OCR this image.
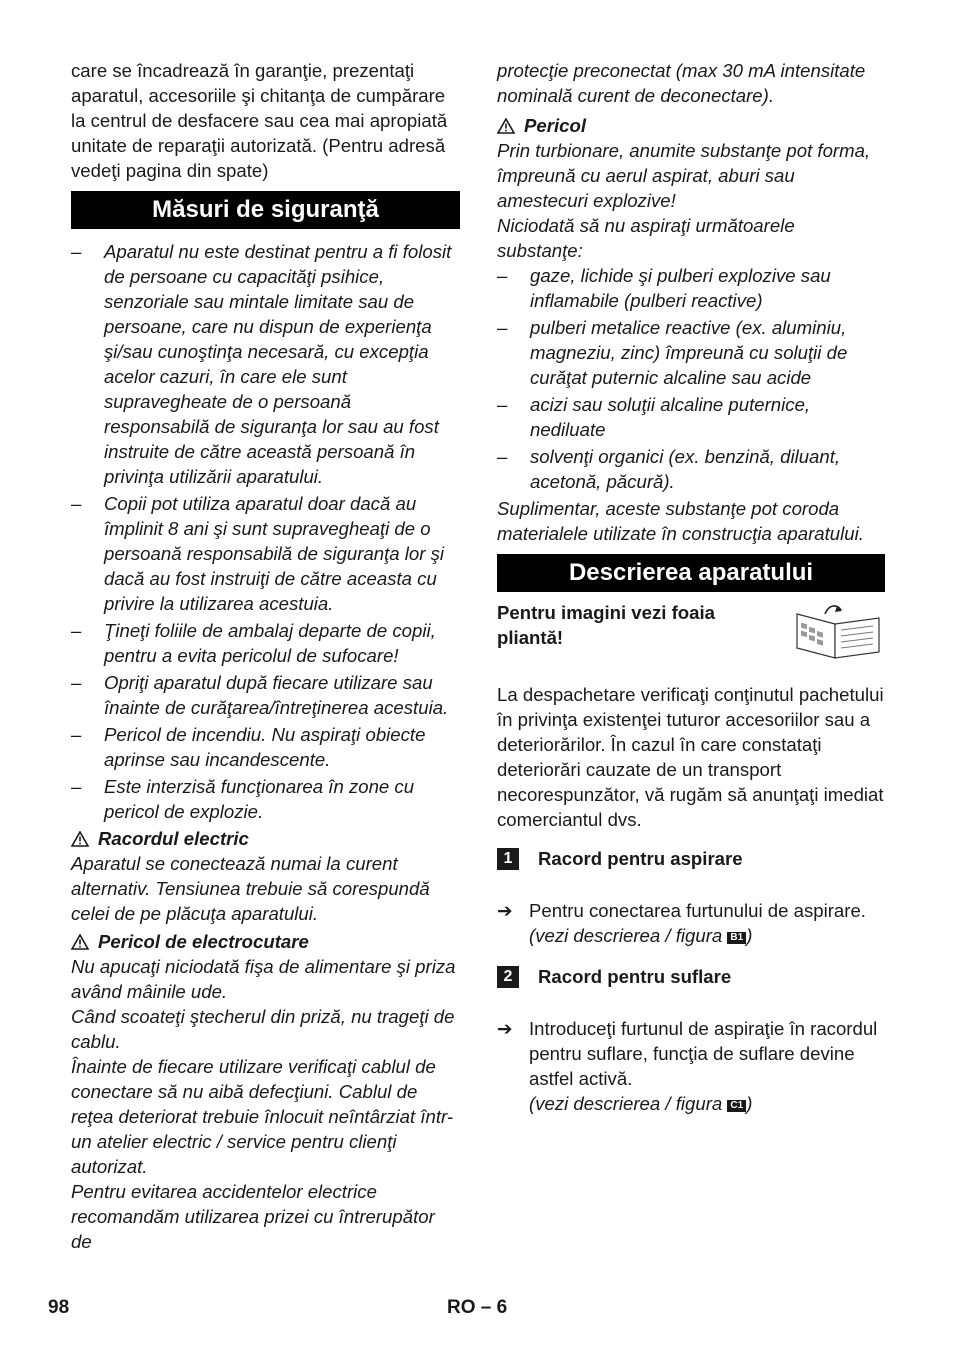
care se încadrează în garanţie, prezentaţi aparatul, accesoriile şi chitanţa de cumpărare la centrul de desfacere sau cea mai apropiată unitate de reparaţii autorizată. (Pentru adresă vedeţi pagina din spate)

Măsuri de siguranţă
– Aparatul nu este destinat pentru a fi folosit de persoane cu capacităţi psihice, senzoriale sau mintale limitate sau de persoane, care nu dispun de experienţa şi/sau cunoştinţa necesară, cu excepţia acelor cazuri, în care ele sunt supravegheate de o persoană responsabilă de siguranţa lor sau au fost instruite de către această persoană în privinţa utilizării aparatului.
– Copii pot utiliza aparatul doar dacă au împlinit 8 ani şi sunt supravegheaţi de o persoană responsabilă de siguranţa lor şi dacă au fost instruiţi de către aceasta cu privire la utilizarea acestuia.
– Ţineţi foliile de ambalaj departe de copii, pentru a evita pericolul de sufocare!
– Opriţi aparatul după fiecare utilizare sau înainte de curăţarea/întreţinerea acestuia.
– Pericol de incendiu. Nu aspiraţi obiecte aprinse sau incandescente.
– Este interzisă funcţionarea în zone cu pericol de explozie.

Racordul electric

Aparatul se conectează numai la curent alternativ. Tensiunea trebuie să corespundă celei de pe plăcuţa aparatului.

Pericol de electrocutare

Nu apucaţi niciodată fişa de alimentare şi priza având mâinile ude.

Când scoateţi ştecherul din priză, nu trageţi de cablu.

Înainte de fiecare utilizare verificaţi cablul de conectare să nu aibă defecţiuni. Cablul de reţea deteriorat trebuie înlocuit neîntârziat într-un atelier electric / service pentru clienţi autorizat.

Pentru evitarea accidentelor electrice recomandăm utilizarea prizei cu întrerupător de

protecţie preconectat (max 30 mA intensitate nominală curent de deconectare).

Pericol

Prin turbionare, anumite substanţe pot forma, împreună cu aerul aspirat, aburi sau amestecuri explozive!

Niciodată să nu aspiraţi următoarele substanţe:

– gaze, lichide şi pulberi explozive sau inflamabile (pulberi reactive)
– pulberi metalice reactive (ex. aluminiu, magneziu, zinc) împreună cu soluţii de curăţat puternic alcaline sau acide
– acizi sau soluţii alcaline puternice, nediluate
– solvenţi organici (ex. benzină, diluant, acetonă, păcură).

Suplimentar, aceste substanţe pot coroda materialele utilizate în construcţia aparatului.

Descrierea aparatului

Pentru imagini vezi foaia pliantă!

La despachetare verificaţi conţinutul pachetului în privinţa existenţei tuturor accesoriilor sau a deteriorărilor. În cazul în care constataţi deteriorări cauzate de un transport necorespunzător, vă rugăm să anunţaţi imediat comerciantul dvs.

1	Racord pentru aspirare
➔ Pentru conectarea furtunului de aspirare.
(vezi descrierea / figura B1 )
2	Racord pentru suflare
➔ Introduceţi furtunul de aspiraţie în racordul pentru suflare, funcţia de suflare devine astfel activă.
(vezi descrierea / figura C1 )
98	RO – 6
